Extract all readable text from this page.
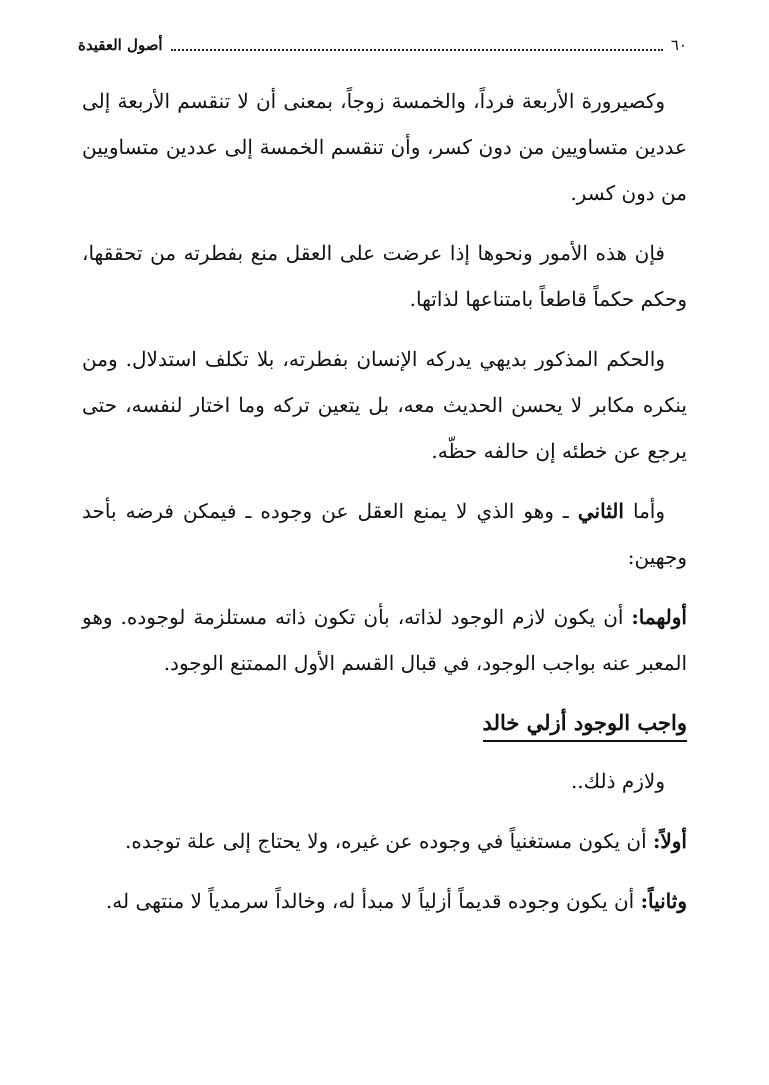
٦٠
أصول العقيدة

وكصيرورة الأربعة فرداً، والخمسة زوجاً، بمعنى أن لا تنقسم الأربعة إلى عددين متساويين من دون كسر، وأن تنقسم الخمسة إلى عددين متساويين من دون كسر.

فإن هذه الأمور ونحوها إذا عرضت على العقل منع بفطرته من تحققها، وحكم حكماً قاطعاً بامتناعها لذاتها.

والحكم المذكور بديهي يدركه الإنسان بفطرته، بلا تكلف استدلال. ومن ينكره مكابر لا يحسن الحديث معه، بل يتعين تركه وما اختار لنفسه، حتى يرجع عن خطئه إن حالفه حظّه.

وأما الثاني ـ وهو الذي لا يمنع العقل عن وجوده ـ فيمكن فرضه بأحد وجهين:

أولهما: أن يكون لازم الوجود لذاته، بأن تكون ذاته مستلزمة لوجوده. وهو المعبر عنه بواجب الوجود، في قبال القسم الأول الممتنع الوجود.

واجب الوجود أزلي خالد

ولازم ذلك..

أولاً: أن يكون مستغنياً في وجوده عن غيره، ولا يحتاج إلى علة توجده.

وثانياً: أن يكون وجوده قديماً أزلياً لا مبدأ له، وخالداً سرمدياً لا منتهى له.
